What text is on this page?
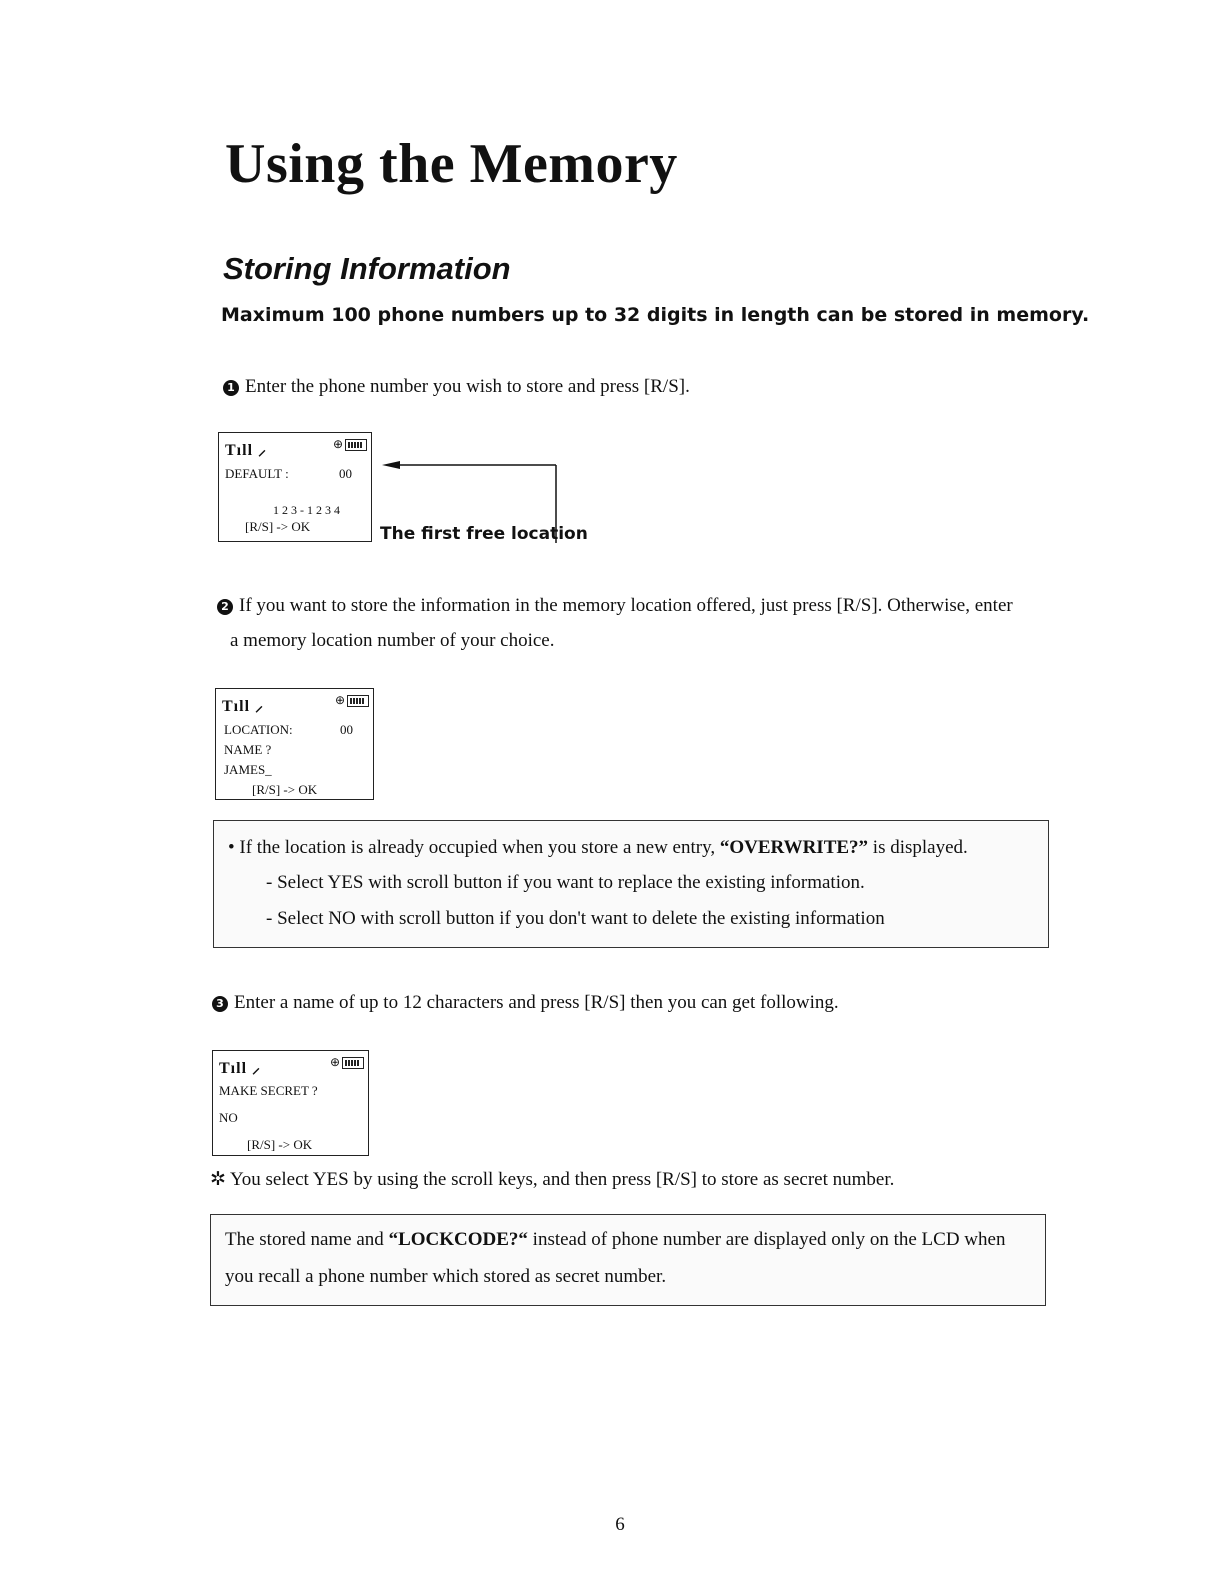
Using the Memory
Storing Information

Maximum 100 phone numbers up to 32 digits in length can be stored in memory.

1 Enter the phone number you wish to store and press [R/S].
Tıll ⸝	⊕
DEFAULT :	00
1 2 3 - 1 2 3 4
[R/S] -> OK	The first free location
2 If you want to store the information in the memory location offered, just press [R/S]. Otherwise, enter
a memory location number of your choice.
Tıll ⸝	⊕
LOCATION:	00
NAME ?
JAMES_
[R/S] -> OK
• If the location is already occupied when you store a new entry, “OVERWRITE?” is displayed.
- Select YES with scroll button if you want to replace the existing information.
- Select NO with scroll button if you don't want to delete the existing information
3 Enter a name of up to 12 characters and press [R/S] then you can get following.
Tıll ⸝	⊕
MAKE SECRET ?
NO
[R/S] -> OK
✲ You select YES by using the scroll keys, and then press [R/S] to store as secret number.
The stored name and “LOCKCODE?“ instead of phone number are displayed only on the LCD when
you recall a phone number which stored as secret number.
6
